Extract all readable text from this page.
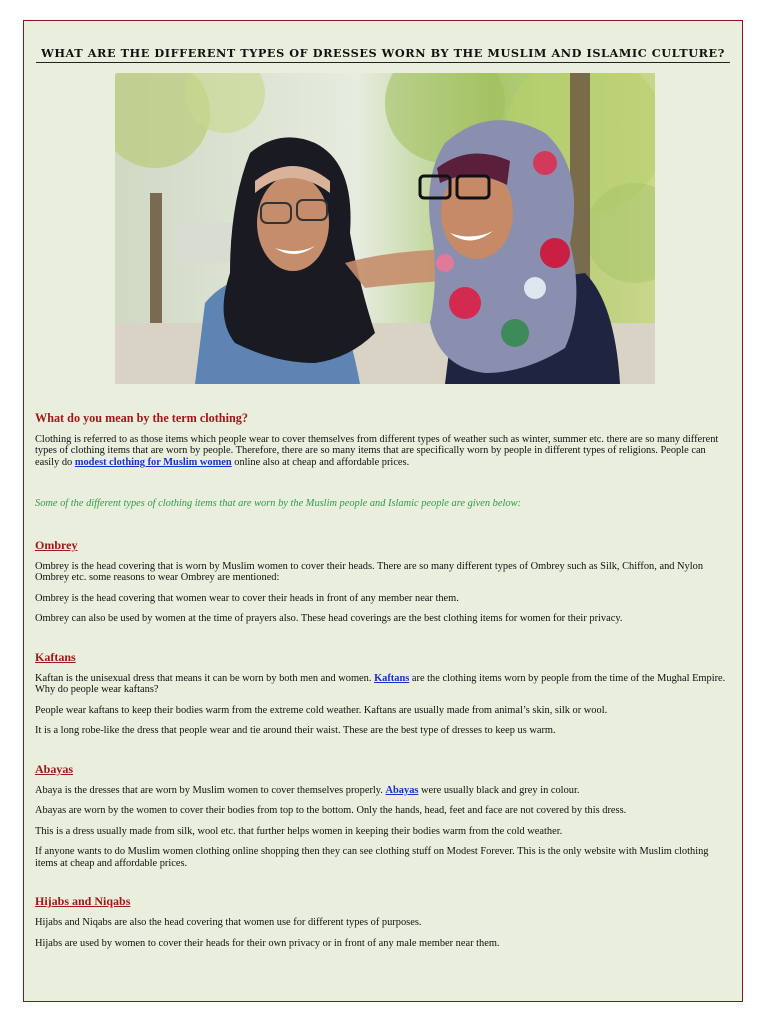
WHAT ARE THE DIFFERENT TYPES OF DRESSES WORN BY THE MUSLIM AND ISLAMIC CULTURE?

What do you mean by the term clothing?

Clothing is referred to as those items which people wear to cover themselves from different types of weather such as winter, summer etc. there are so many different types of clothing items that are worn by people. Therefore, there are so many items that are specifically worn by people in different types of religions. People can easily do modest clothing for Muslim women online also at cheap and affordable prices.

Some of the different types of clothing items that are worn by the Muslim people and Islamic people are given below:

Ombrey

Ombrey is the head covering that is worn by Muslim women to cover their heads. There are so many different types of Ombrey such as Silk, Chiffon, and Nylon Ombrey etc. some reasons to wear Ombrey are mentioned:

Ombrey is the head covering that women wear to cover their heads in front of any member near them.

Ombrey can also be used by women at the time of prayers also. These head coverings are the best clothing items for women for their privacy.

Kaftans

Kaftan is the unisexual dress that means it can be worn by both men and women. Kaftans are the clothing items worn by people from the time of the Mughal Empire. Why do people wear kaftans?

People wear kaftans to keep their bodies warm from the extreme cold weather. Kaftans are usually made from animal’s skin, silk or wool.

It is a long robe-like the dress that people wear and tie around their waist. These are the best type of dresses to keep us warm.

Abayas

Abaya is the dresses that are worn by Muslim women to cover themselves properly. Abayas were usually black and grey in colour.

Abayas are worn by the women to cover their bodies from top to the bottom. Only the hands, head, feet and face are not covered by this dress.

This is a dress usually made from silk, wool etc. that further helps women in keeping their bodies warm from the cold weather.

If anyone wants to do Muslim women clothing online shopping then they can see clothing stuff on Modest Forever. This is the only website with Muslim clothing items at cheap and affordable prices.

Hijabs and Niqabs

Hijabs and Niqabs are also the head covering that women use for different types of purposes.

Hijabs are used by women to cover their heads for their own privacy or in front of any male member near them.
